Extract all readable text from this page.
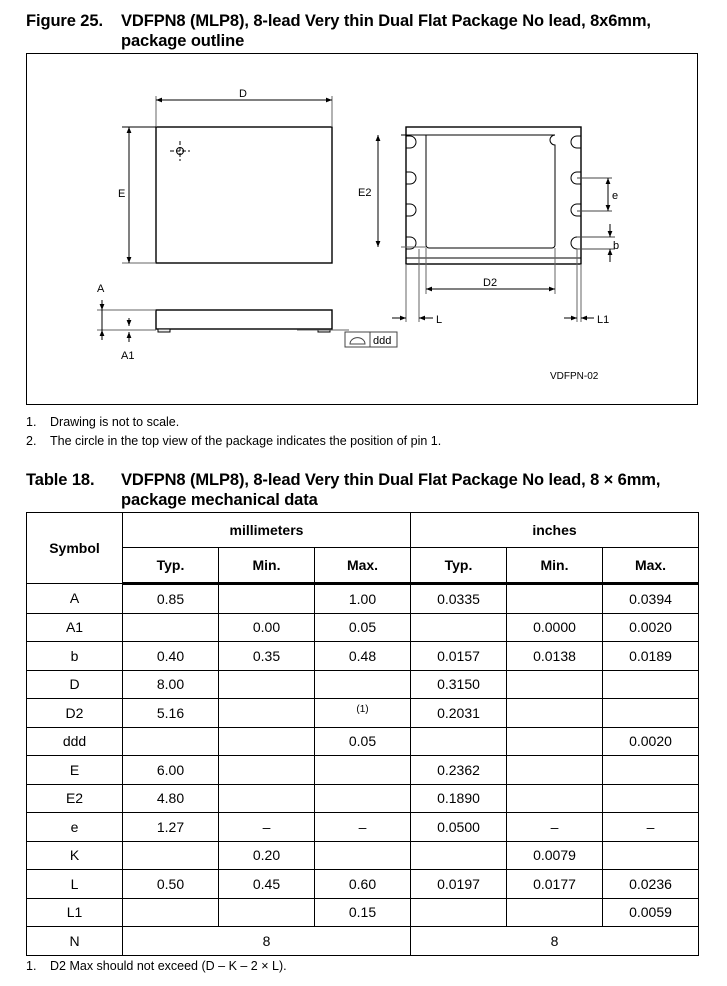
Figure 25. VDFPN8 (MLP8), 8-lead Very thin Dual Flat Package No lead, 8x6mm, package outline
D
E
A
A1
ddd
E2	e
b
D2
L	L1
VDFPN-02
1. Drawing is not to scale.
2. The circle in the top view of the package indicates the position of pin 1.
Table 18. VDFPN8 (MLP8), 8-lead Very thin Dual Flat Package No lead, 8 × 6mm, package mechanical data
Symbol	millimeters			inches		
	Typ.	Min.	Max.	Typ.	Min.	Max.
A	0.85		1.00	0.0335		0.0394
A1		0.00	0.05		0.0000	0.0020
b	0.40	0.35	0.48	0.0157	0.0138	0.0189
D	8.00			0.3150		
D2	5.16		$^{(1)}$	0.2031		
ddd			0.05			0.0020
E	6.00			0.2362		
E2	4.80			0.1890		
e	1.27	–	–	0.0500	–	–
K		0.20			0.0079	
L	0.50	0.45	0.60	0.0197	0.0177	0.0236
L1			0.15			0.0059
N	8			8		
1. D2 Max should not exceed (D – K – 2 × L).
